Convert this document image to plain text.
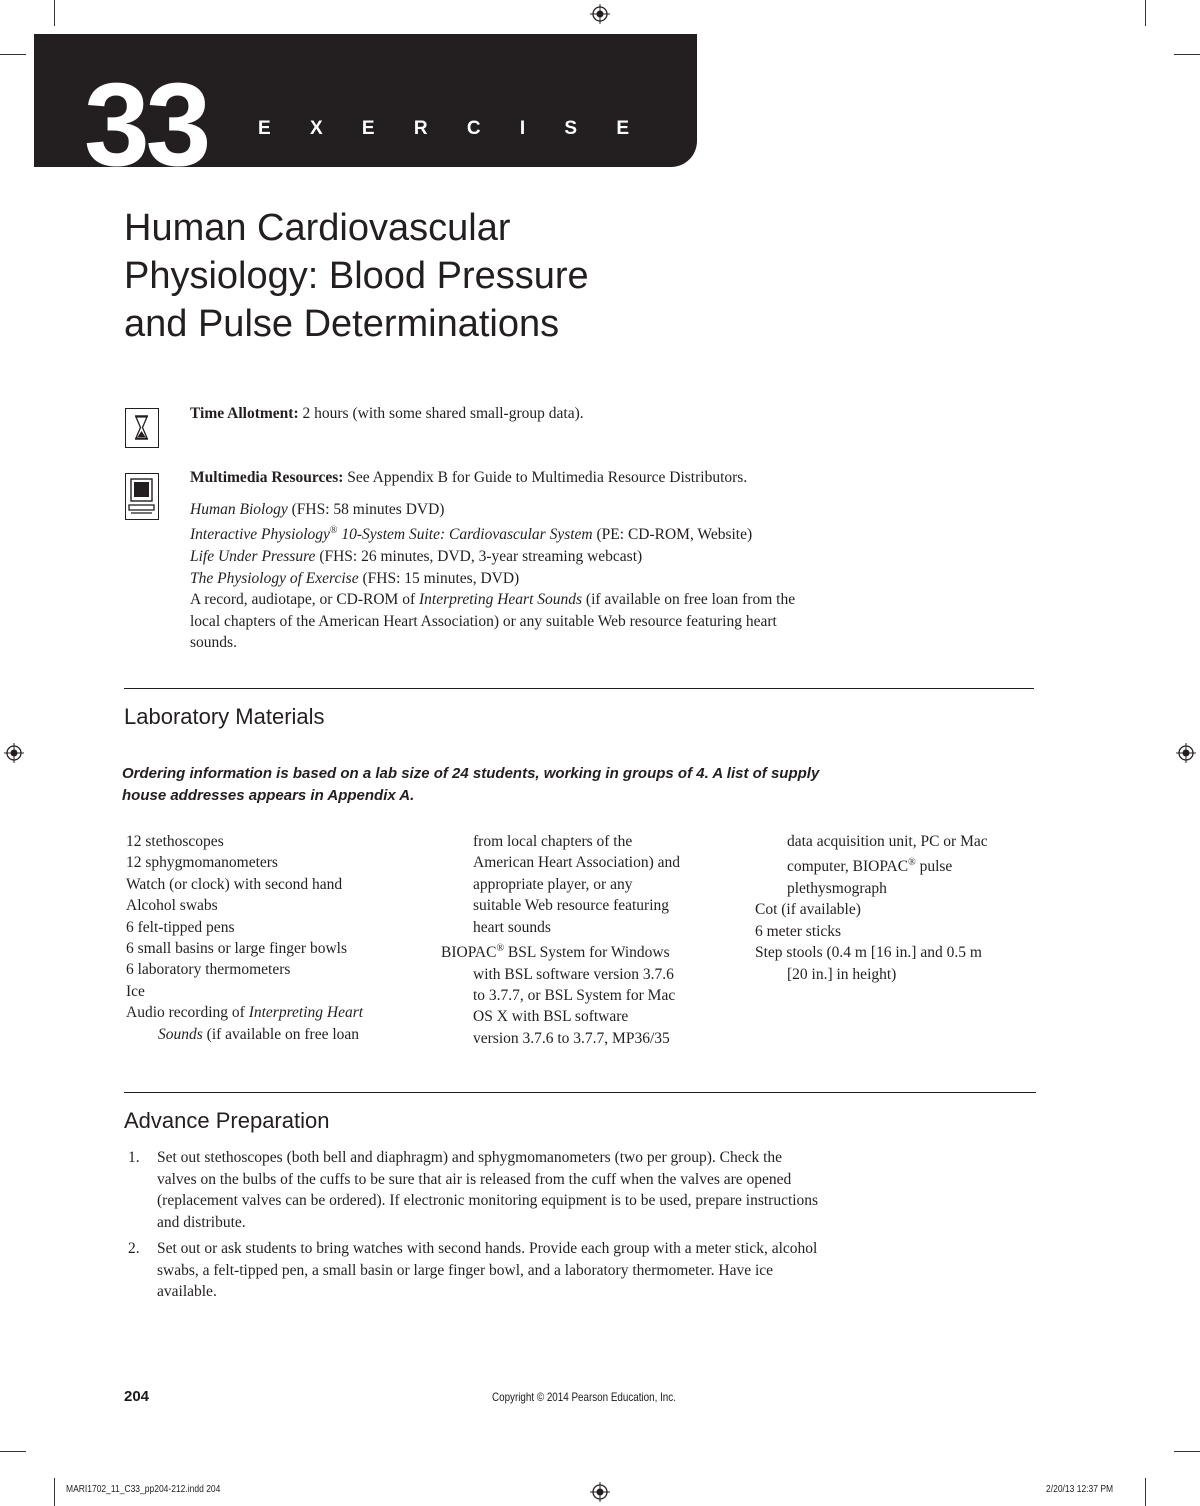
33	E X E R C I S E
Human Cardiovascular
Physiology: Blood Pressure
and Pulse Determinations
Time Allotment: 2 hours (with some shared small-group data).
Multimedia Resources: See Appendix B for Guide to Multimedia Resource Distributors.
Human Biology (FHS: 58 minutes DVD)
Interactive Physiology® 10-System Suite: Cardiovascular System (PE: CD-ROM, Website)
Life Under Pressure (FHS: 26 minutes, DVD, 3-year streaming webcast)
The Physiology of Exercise (FHS: 15 minutes, DVD)
A record, audiotape, or CD-ROM of Interpreting Heart Sounds (if available on free loan from the
local chapters of the American Heart Association) or any suitable Web resource featuring heart
sounds.
Laboratory Materials
Ordering information is based on a lab size of 24 students, working in groups of 4. A list of supply
house addresses appears in Appendix A.
12 stethoscopes
12 sphygmomanometers
Watch (or clock) with second hand
Alcohol swabs
6 felt-tipped pens
6 small basins or large finger bowls
6 laboratory thermometers
Ice
Audio recording of Interpreting Heart
Sounds (if available on free loan
from local chapters of the
American Heart Association) and
appropriate player, or any
suitable Web resource featuring
heart sounds
BIOPAC® BSL System for Windows
with BSL software version 3.7.6
to 3.7.7, or BSL System for Mac
OS X with BSL software
version 3.7.6 to 3.7.7, MP36/35
data acquisition unit, PC or Mac
computer, BIOPAC® pulse
plethysmograph
Cot (if available)
6 meter sticks
Step stools (0.4 m [16 in.] and 0.5 m
[20 in.] in height)
Advance Preparation
1. Set out stethoscopes (both bell and diaphragm) and sphygmomanometers (two per group). Check the
valves on the bulbs of the cuffs to be sure that air is released from the cuff when the valves are opened
(replacement valves can be ordered). If electronic monitoring equipment is to be used, prepare instructions
and distribute.
2. Set out or ask students to bring watches with second hands. Provide each group with a meter stick, alcohol
swabs, a felt-tipped pen, a small basin or large finger bowl, and a laboratory thermometer. Have ice
available.
204	Copyright © 2014 Pearson Education, Inc.
MARI1702_11_C33_pp204-212.indd 204	2/20/13 12:37 PM
